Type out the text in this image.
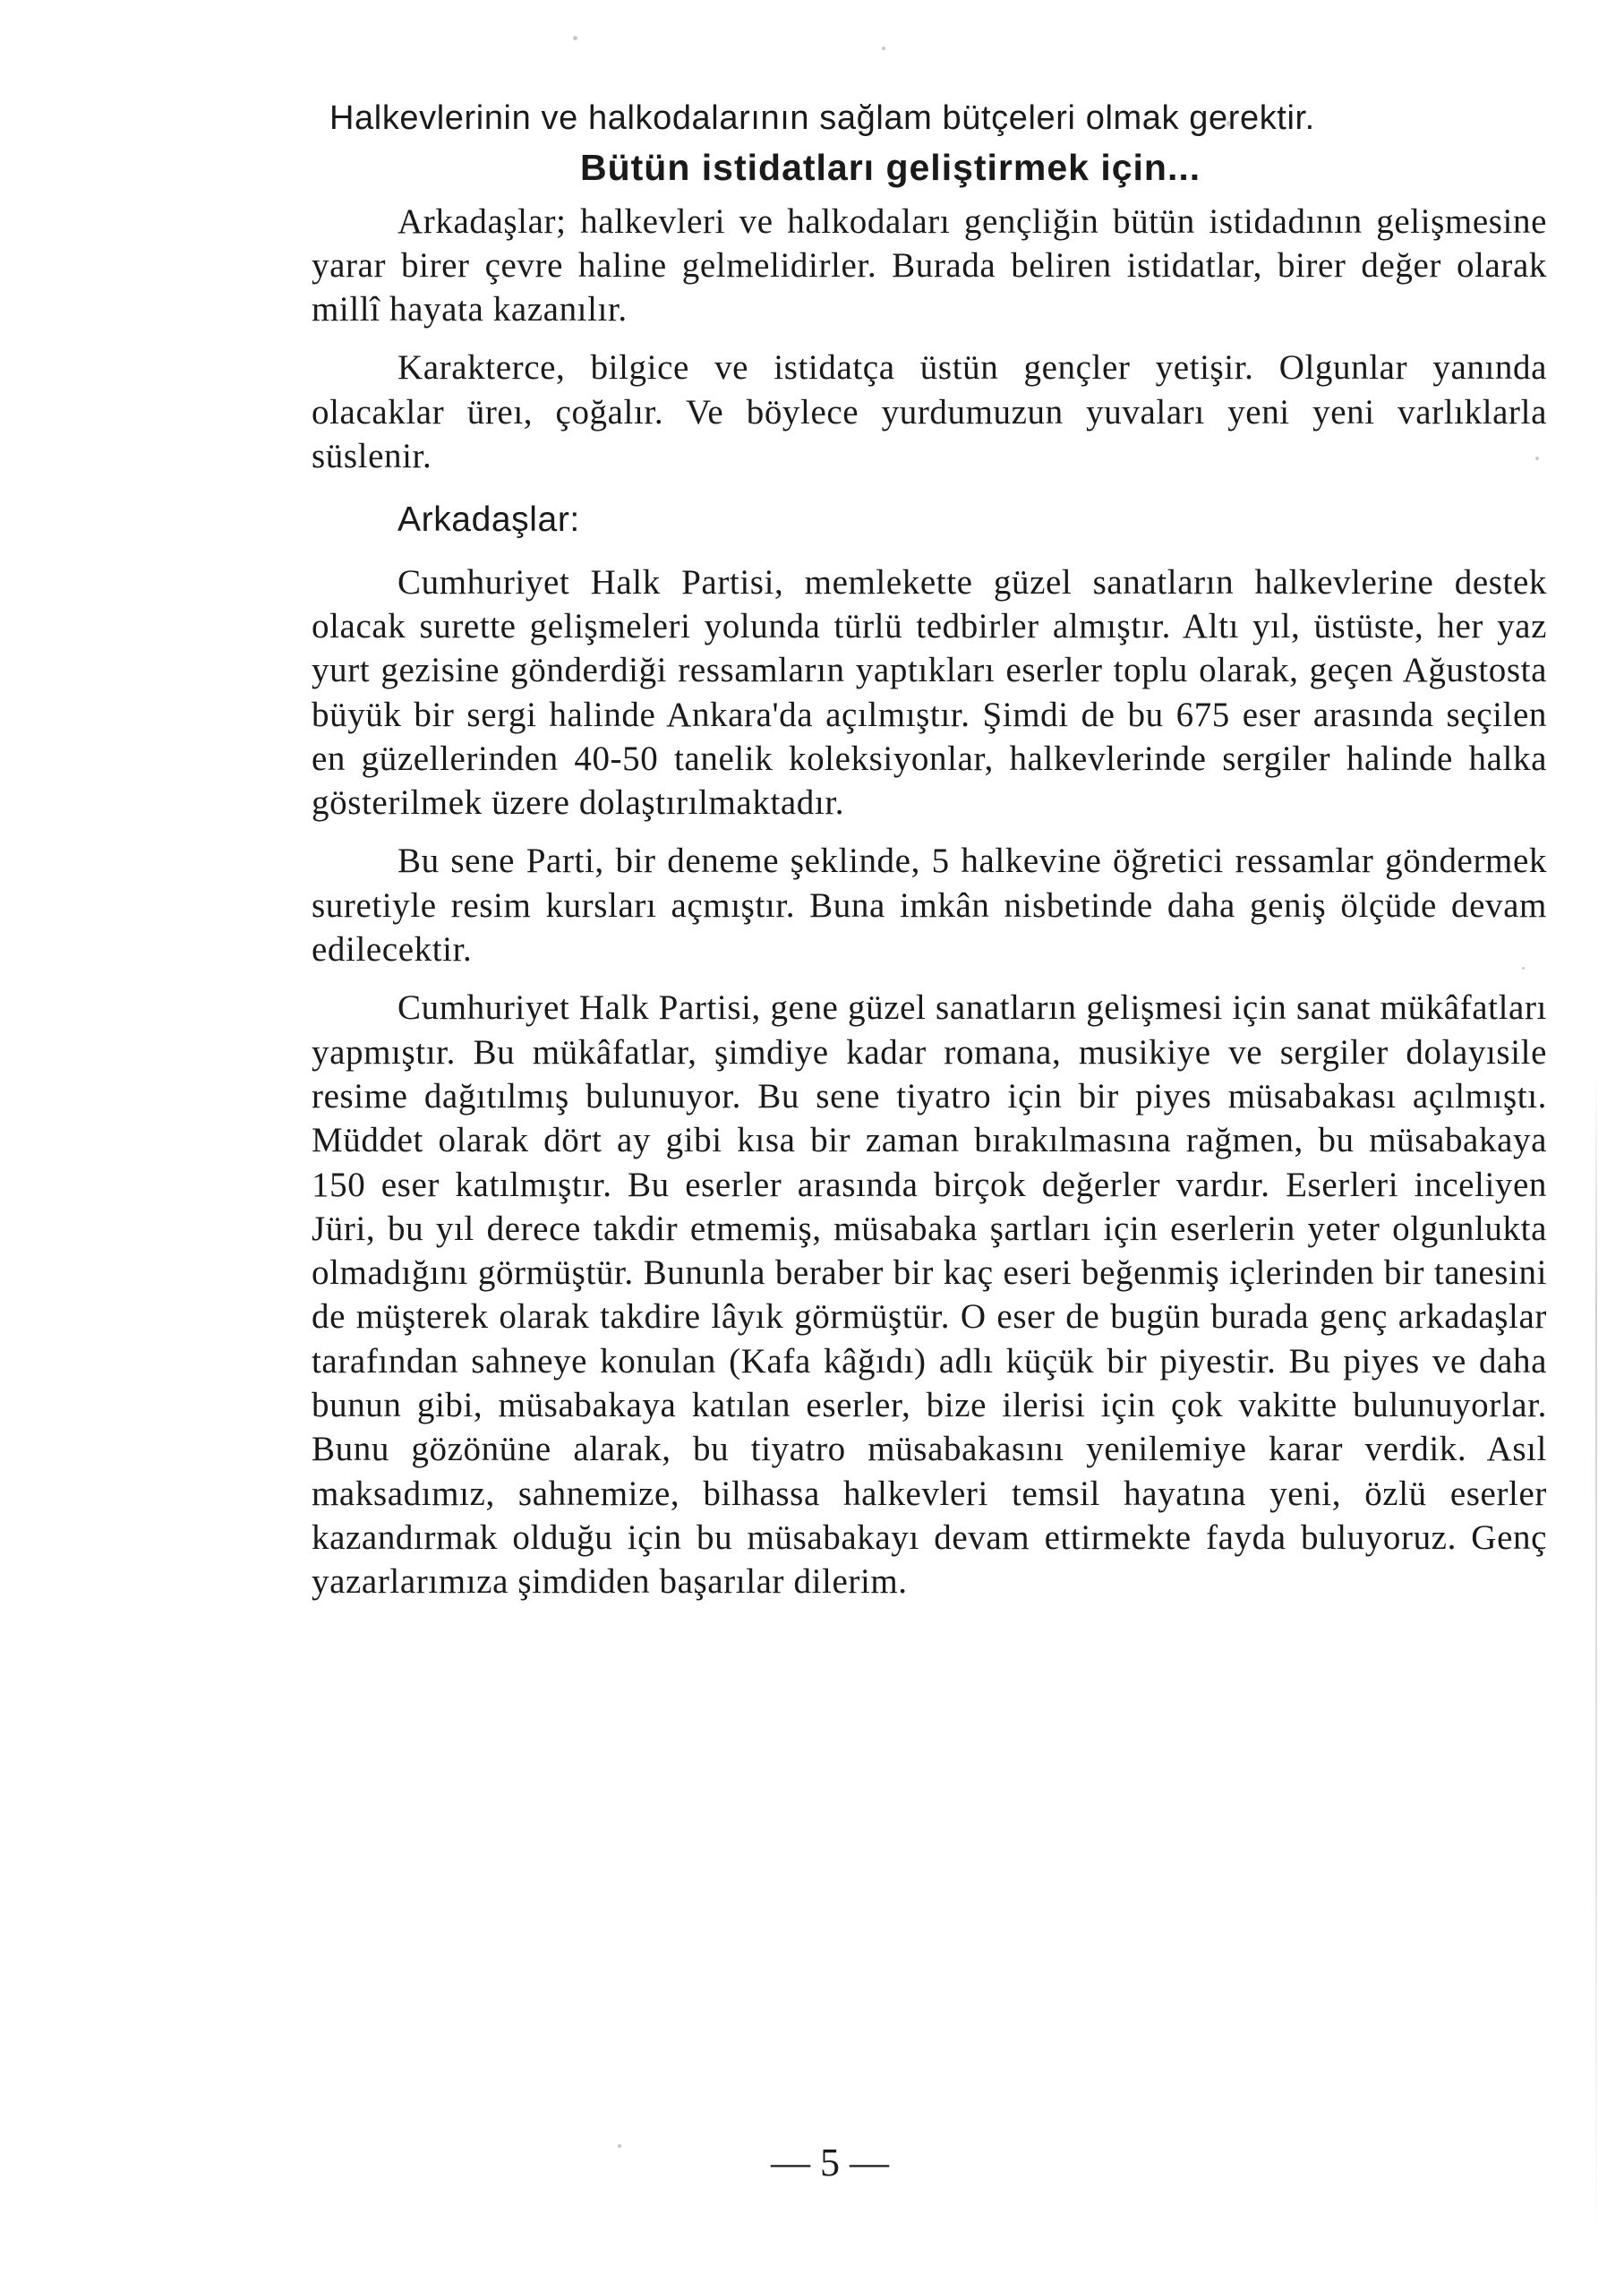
Halkevlerinin ve halkodalarının sağlam bütçeleri olmak gerektir.

Bütün istidatları geliştirmek için...

Arkadaşlar; halkevleri ve halkodaları gençliğin bütün istidadının gelişmesine yarar birer çevre haline gelmelidirler. Burada beliren istidatlar, birer değer olarak millî hayata kazanılır.

Karakterce, bilgice ve istidatça üstün gençler yetişir. Olgunlar yanında olacaklar üreı, çoğalır. Ve böylece yurdumuzun yuvaları yeni yeni varlıklarla süslenir.

Arkadaşlar:

Cumhuriyet Halk Partisi, memlekette güzel sanatların halkevlerine destek olacak surette gelişmeleri yolunda türlü tedbirler almıştır. Altı yıl, üstüste, her yaz yurt gezisine gönderdiği ressamların yaptıkları eserler toplu olarak, geçen Ağustosta büyük bir sergi halinde Ankara'da açılmıştır. Şimdi de bu 675 eser arasında seçilen en güzellerinden 40-50 tanelik koleksiyonlar, halkevlerinde sergiler halinde halka gösterilmek üzere dolaştırılmaktadır.

Bu sene Parti, bir deneme şeklinde, 5 halkevine öğretici ressamlar göndermek suretiyle resim kursları açmıştır. Buna imkân nisbetinde daha geniş ölçüde devam edilecektir.

Cumhuriyet Halk Partisi, gene güzel sanatların gelişmesi için sanat mükâfatları yapmıştır. Bu mükâfatlar, şimdiye kadar romana, musikiye ve sergiler dolayısile resime dağıtılmış bulunuyor. Bu sene tiyatro için bir piyes müsabakası açılmıştı. Müddet olarak dört ay gibi kısa bir zaman bırakılmasına rağmen, bu müsabakaya 150 eser katılmıştır. Bu eserler arasında birçok değerler vardır. Eserleri inceliyen Jüri, bu yıl derece takdir etmemiş, müsabaka şartları için eserlerin yeter olgunlukta olmadığını görmüştür. Bununla beraber bir kaç eseri beğenmiş içlerinden bir tanesini de müşterek olarak takdire lâyık görmüştür. O eser de bugün burada genç arkadaşlar tarafından sahneye konulan (Kafa kâğıdı) adlı küçük bir piyestir. Bu piyes ve daha bunun gibi, müsabakaya katılan eserler, bize ilerisi için çok vakitte bulunuyorlar. Bunu gözönüne alarak, bu tiyatro müsabakasını yenilemiye karar verdik. Asıl maksadımız, sahnemize, bilhassa halkevleri temsil hayatına yeni, özlü eserler kazandırmak olduğu için bu müsabakayı devam ettirmekte fayda buluyoruz. Genç yazarlarımıza şimdiden başarılar dilerim.

— 5 —
